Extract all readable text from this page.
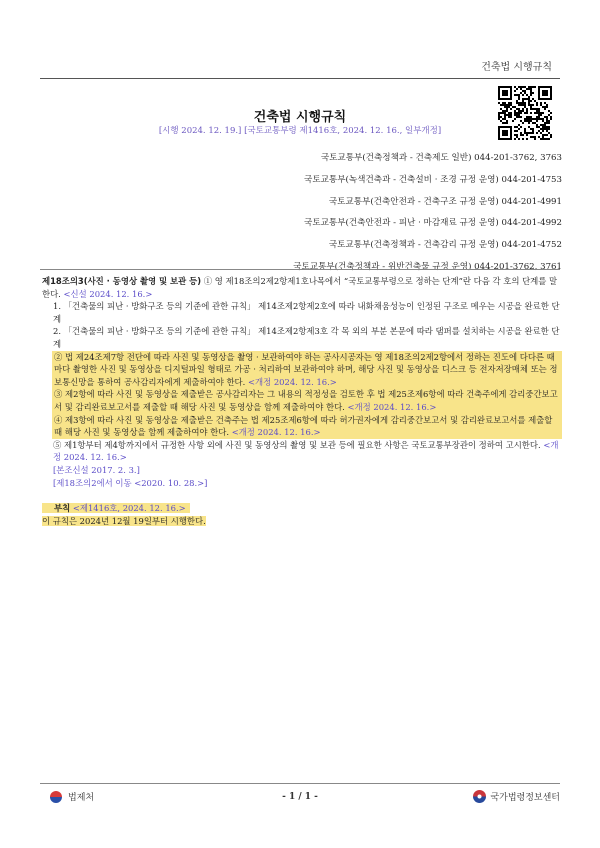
건축법 시행규칙
건축법 시행규칙
[시행 2024. 12. 19.] [국토교통부령 제1416호, 2024. 12. 16., 일부개정]
국토교통부(건축정책과 - 건축제도 일반) 044-201-3762, 3763
국토교통부(녹색건축과 - 건축설비 · 조경 규정 운영) 044-201-4753
국토교통부(건축안전과 - 건축구조 규정 운영) 044-201-4991
국토교통부(건축안전과 - 피난 · 마감재료 규정 운영) 044-201-4992
국토교통부(건축정책과 - 건축감리 규정 운영) 044-201-4752
국토교통부(건축정책과 - 위반건축물 규정 운영) 044-201-3762, 3761
제18조의3(사진 · 동영상 촬영 및 보관 등) ① 영 제18조의2제2항제1호나목에서 “국토교통부령으로 정하는 단계”란 다음 각 호의 단계를 말한다. <신설 2024. 12. 16.>
1. 「건축물의 피난 · 방화구조 등의 기준에 관한 규칙」 제14조제2항제2호에 따라 내화채움성능이 인정된 구조로 메우는 시공을 완료한 단계
2. 「건축물의 피난 · 방화구조 등의 기준에 관한 규칙」 제14조제2항제3호 각 목 외의 부분 본문에 따라 댐퍼를 설치하는 시공을 완료한 단계
② 법 제24조제7항 전단에 따라 사진 및 동영상을 촬영 · 보관하여야 하는 공사시공자는 영 제18조의2제2항에서 정하는 진도에 다다른 때마다 촬영한 사진 및 동영상을 디지털파일 형태로 가공 · 처리하여 보관하여야 하며, 해당 사진 및 동영상을 디스크 등 전자저장매체 또는 정보통신망을 통하여 공사감리자에게 제출하여야 한다. <개정 2024. 12. 16.>
③ 제2항에 따라 사진 및 동영상을 제출받은 공사감리자는 그 내용의 적정성을 검토한 후 법 제25조제6항에 따라 건축주에게 감리중간보고서 및 감리완료보고서를 제출할 때 해당 사진 및 동영상을 함께 제출하여야 한다. <개정 2024. 12. 16.>
④ 제3항에 따라 사진 및 동영상을 제출받은 건축주는 법 제25조제6항에 따라 허가권자에게 감리중간보고서 및 감리완료보고서를 제출할 때 해당 사진 및 동영상을 함께 제출하여야 한다. <개정 2024. 12. 16.>
⑤ 제1항부터 제4항까지에서 규정한 사항 외에 사진 및 동영상의 촬영 및 보관 등에 필요한 사항은 국토교통부장관이 정하여 고시한다. <개정 2024. 12. 16.>
[본조신설 2017. 2. 3.]
[제18조의2에서 이동 <2020. 10. 28.>]
부칙 <제1416호, 2024. 12. 16.>
이 규칙은 2024년 12월 19일부터 시행한다.
법제처	- 1 / 1 -	국가법령정보센터
